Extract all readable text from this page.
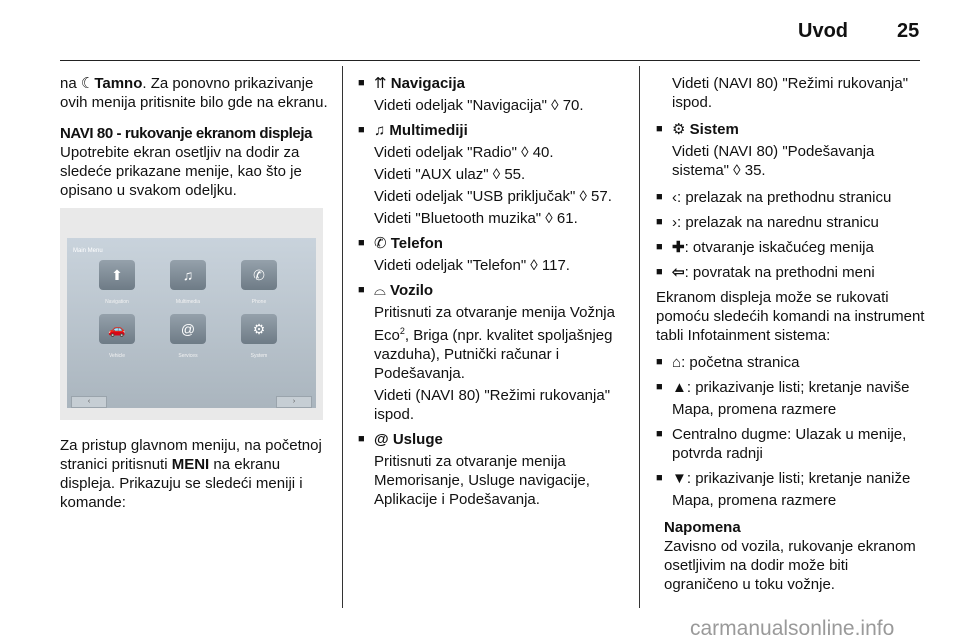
Uvod 25

na ☾Tamno. Za ponovno prikazivanje ovih menija pritisnite bilo gde na ekranu.

NAVI 80 - rukovanje ekranom displeja
Upotrebite ekran osetljiv na dodir za sledeće prikazane menije, kao što je opisano u svakom odeljku.
Main Menu
⬆
Navigation
♫
Multimedia
✆
Phone
🚗
Vehicle
@
Services
⚙
System
‹	›

Za pristup glavnom meniju, na početnoj stranici pritisnuti MENI na ekranu displeja. Prikazuju se sledeći meniji i komande:

■ ⇈ Navigacija
Videti odeljak "Navigacija" ◊ 70.
■ ♫ Multimediji
Videti odeljak "Radio" ◊ 40.
Videti "AUX ulaz" ◊ 55.
Videti odeljak "USB priključak" ◊ 57.
Videti "Bluetooth muzika" ◊ 61.
■ ✆ Telefon
Videti odeljak "Telefon" ◊ 117.
■ ⌓ Vozilo
Pritisnuti za otvaranje menija Vožnja Eco$^2$, Briga (npr. kvalitet spoljašnjeg vazduha), Putnički računar i Podešavanja.
Videti (NAVI 80) "Režimi rukovanja" ispod.
■ @ Usluge
Pritisnuti za otvaranje menija Memorisanje, Usluge navigacije, Aplikacije i Podešavanja.
Videti (NAVI 80) "Režimi rukovanja" ispod.
■ ⚙ Sistem
Videti (NAVI 80) "Podešavanja sistema" ◊ 35.
■ ‹: prelazak na prethodnu stranicu
■ ›: prelazak na narednu stranicu
■ ✚: otvaranje iskačućeg menija
■ ⇦: povratak na prethodni meni

Ekranom displeja može se rukovati pomoću sledećih komandi na instrument tabli Infotainment sistema:

■ ⌂: početna stranica
■ ▲: prikazivanje listi; kretanje naviše
Mapa, promena razmere
■ Centralno dugme: Ulazak u menije, potvrda radnji
■ ▼: prikazivanje listi; kretanje naniže
Mapa, promena razmere
Napomena
Zavisno od vozila, rukovanje ekranom osetljivim na dodir može biti ograničeno u toku vožnje.
carmanualsonline.info
